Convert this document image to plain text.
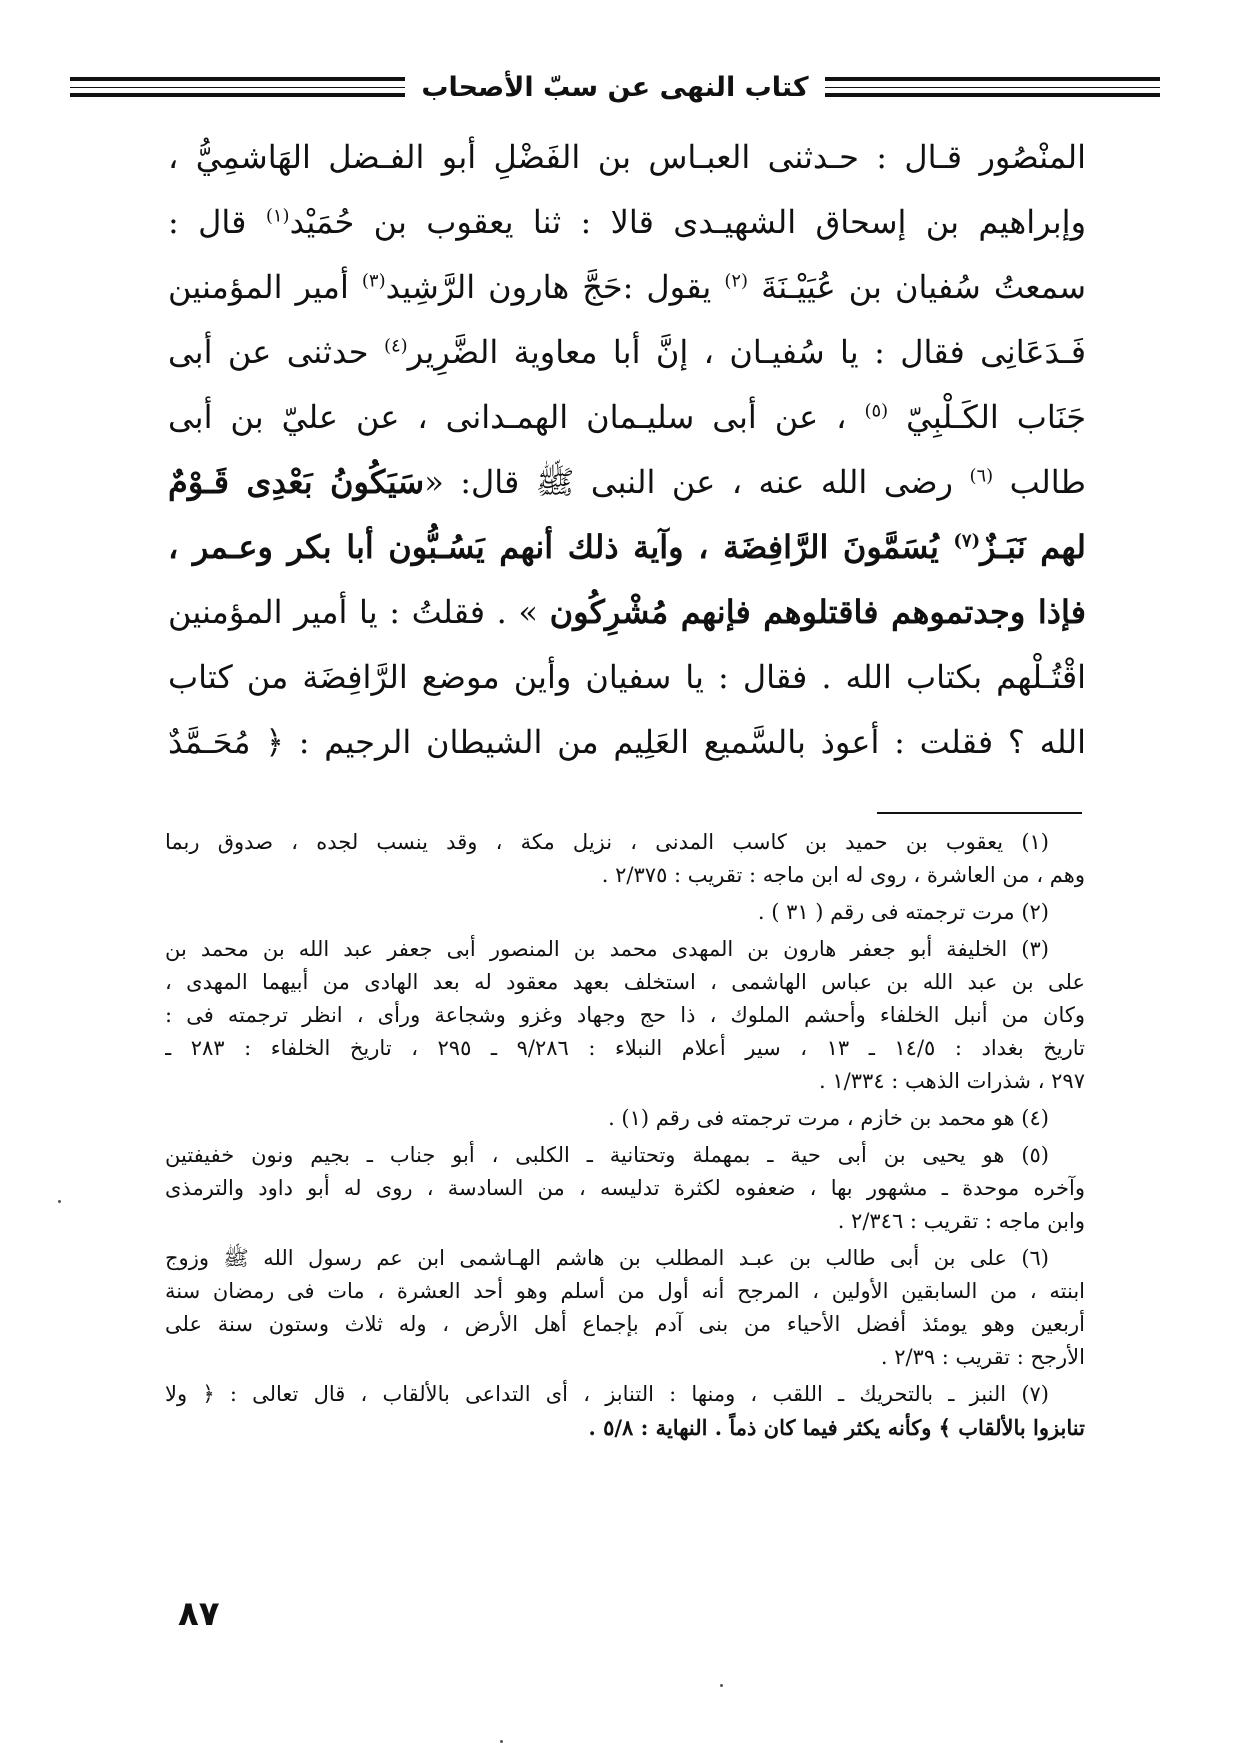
كتاب النهى عن سبّ الأصحاب
المنْصُور قـال : حـدثنى العبـاس بن الفَضْلِ أبو الفـضل الهَاشمِيُّ ،
وإبراهيم بن إسحاق الشهيـدى قالا : ثنا يعقوب بن حُمَيْد$^{(١)}$ قال :
سمعتُ سُفيان بن عُيَيْـنَةَ $^{(٢)}$ يقول :حَجَّ هارون الرَّشِيد$^{(٣)}$ أمير المؤمنين
فَـدَعَانِى فقال : يا سُفيـان ، إنَّ أبا معاوية الضَّرِير$^{(٤)}$ حدثنى عن أبى
جَنَاب الكَـلْبِيّ $^{(٥)}$ ، عن أبى سليـمان الهمـدانى ، عن عليّ بن أبى
طالب $^{(٦)}$ رضى الله عنه ، عن النبى ﷺ قال: «سَيَكُونُ بَعْدِى قَـوْمٌ
لهم نَبَـزٌ$^{(٧)}$ يُسَمَّونَ الرَّافِضَة ، وآية ذلك أنهم يَسُـبُّون أبا بكر وعـمر ،
فإذا وجدتموهم فاقتلوهم فإنهم مُشْرِكُون » . فقلتُ : يا أمير المؤمنين
اقْتُـلْهم بكتاب الله . فقال : يا سفيان وأين موضع الرَّافِضَة من كتاب
الله ؟ فقلت : أعوذ بالسَّميع العَلِيم من الشيطان الرجيم : ﴿ مُحَـمَّدٌ
(١) يعقوب بن حميد بن كاسب المدنى ، نزيل مكة ، وقد ينسب لجده ، صدوق ربما
وهم ، من العاشرة ، روى له ابن ماجه : تقريب : ٢/٣٧٥ .
(٢) مرت ترجمته فى رقم ( ٣١ ) .
(٣) الخليفة أبو جعفر هارون بن المهدى محمد بن المنصور أبى جعفر عبد الله بن محمد بن
على بن عبد الله بن عباس الهاشمى ، استخلف بعهد معقود له بعد الهادى من أبيهما المهدى ،
وكان من أنبل الخلفاء وأحشم الملوك ، ذا حج وجهاد وغزو وشجاعة ورأى ، انظر ترجمته فى :
تاريخ بغداد : ١٤/٥ ـ ١٣ ، سير أعلام النبلاء : ٩/٢٨٦ ـ ٢٩٥ ، تاريخ الخلفاء : ٢٨٣ ـ
٢٩٧ ، شذرات الذهب : ١/٣٣٤ .
(٤) هو محمد بن خازم ، مرت ترجمته فى رقم (١) .
(٥) هو يحيى بن أبى حية ـ بمهملة وتحتانية ـ الكلبى ، أبو جناب ـ بجيم ونون خفيفتين
وآخره موحدة ـ مشهور بها ، ضعفوه لكثرة تدليسه ، من السادسة ، روى له أبو داود والترمذى
وابن ماجه : تقريب : ٢/٣٤٦ .
(٦) على بن أبى طالب بن عبـد المطلب بن هاشم الهـاشمى ابن عم رسول الله ﷺ وزوج
ابنته ، من السابقين الأولين ، المرجح أنه أول من أسلم وهو أحد العشرة ، مات فى رمضان سنة
أربعين وهو يومئذ أفضل الأحياء من بنى آدم بإجماع أهل الأرض ، وله ثلاث وستون سنة على
الأرجح : تقريب : ٢/٣٩ .
(٧) النبز ـ بالتحريك ـ اللقب ، ومنها : التنابز ، أى التداعى بالألقاب ، قال تعالى : ﴿ ولا
تنابزوا بالألقاب ﴾ وكأنه يكثر فيما كان ذماً . النهاية : ٥/٨ .
٨٧
